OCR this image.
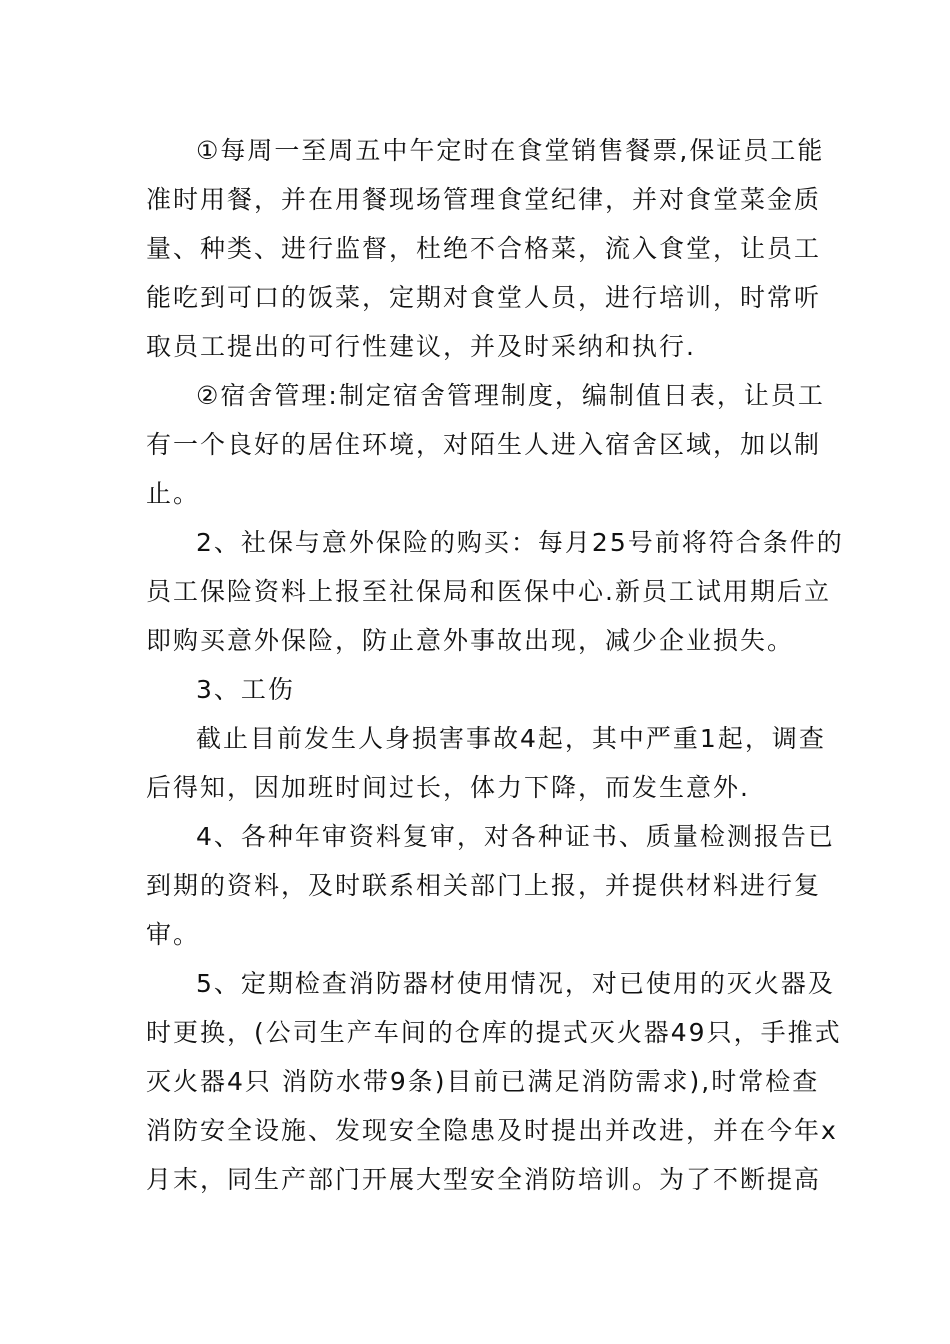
①每周一至周五中午定时在食堂销售餐票,保证员工能
准时用餐，并在用餐现场管理食堂纪律，并对食堂菜金质
量、种类、进行监督，杜绝不合格菜，流入食堂，让员工
能吃到可口的饭菜，定期对食堂人员，进行培训，时常听
取员工提出的可行性建议，并及时采纳和执行.
②宿舍管理:制定宿舍管理制度，编制值日表，让员工
有一个良好的居住环境，对陌生人进入宿舍区域，加以制
止。
2、社保与意外保险的购买：每月25号前将符合条件的
员工保险资料上报至社保局和医保中心.新员工试用期后立
即购买意外保险，防止意外事故出现，减少企业损失。
3、工伤
截止目前发生人身损害事故4起，其中严重1起，调查
后得知，因加班时间过长，体力下降，而发生意外.
4、各种年审资料复审，对各种证书、质量检测报告已
到期的资料，及时联系相关部门上报，并提供材料进行复
审。
5、定期检查消防器材使用情况，对已使用的灭火器及
时更换，(公司生产车间的仓库的提式灭火器49只，手推式
灭火器4只 消防水带9条)目前已满足消防需求),时常检查
消防安全设施、发现安全隐患及时提出并改进，并在今年x
月末，同生产部门开展大型安全消防培训。为了不断提高
